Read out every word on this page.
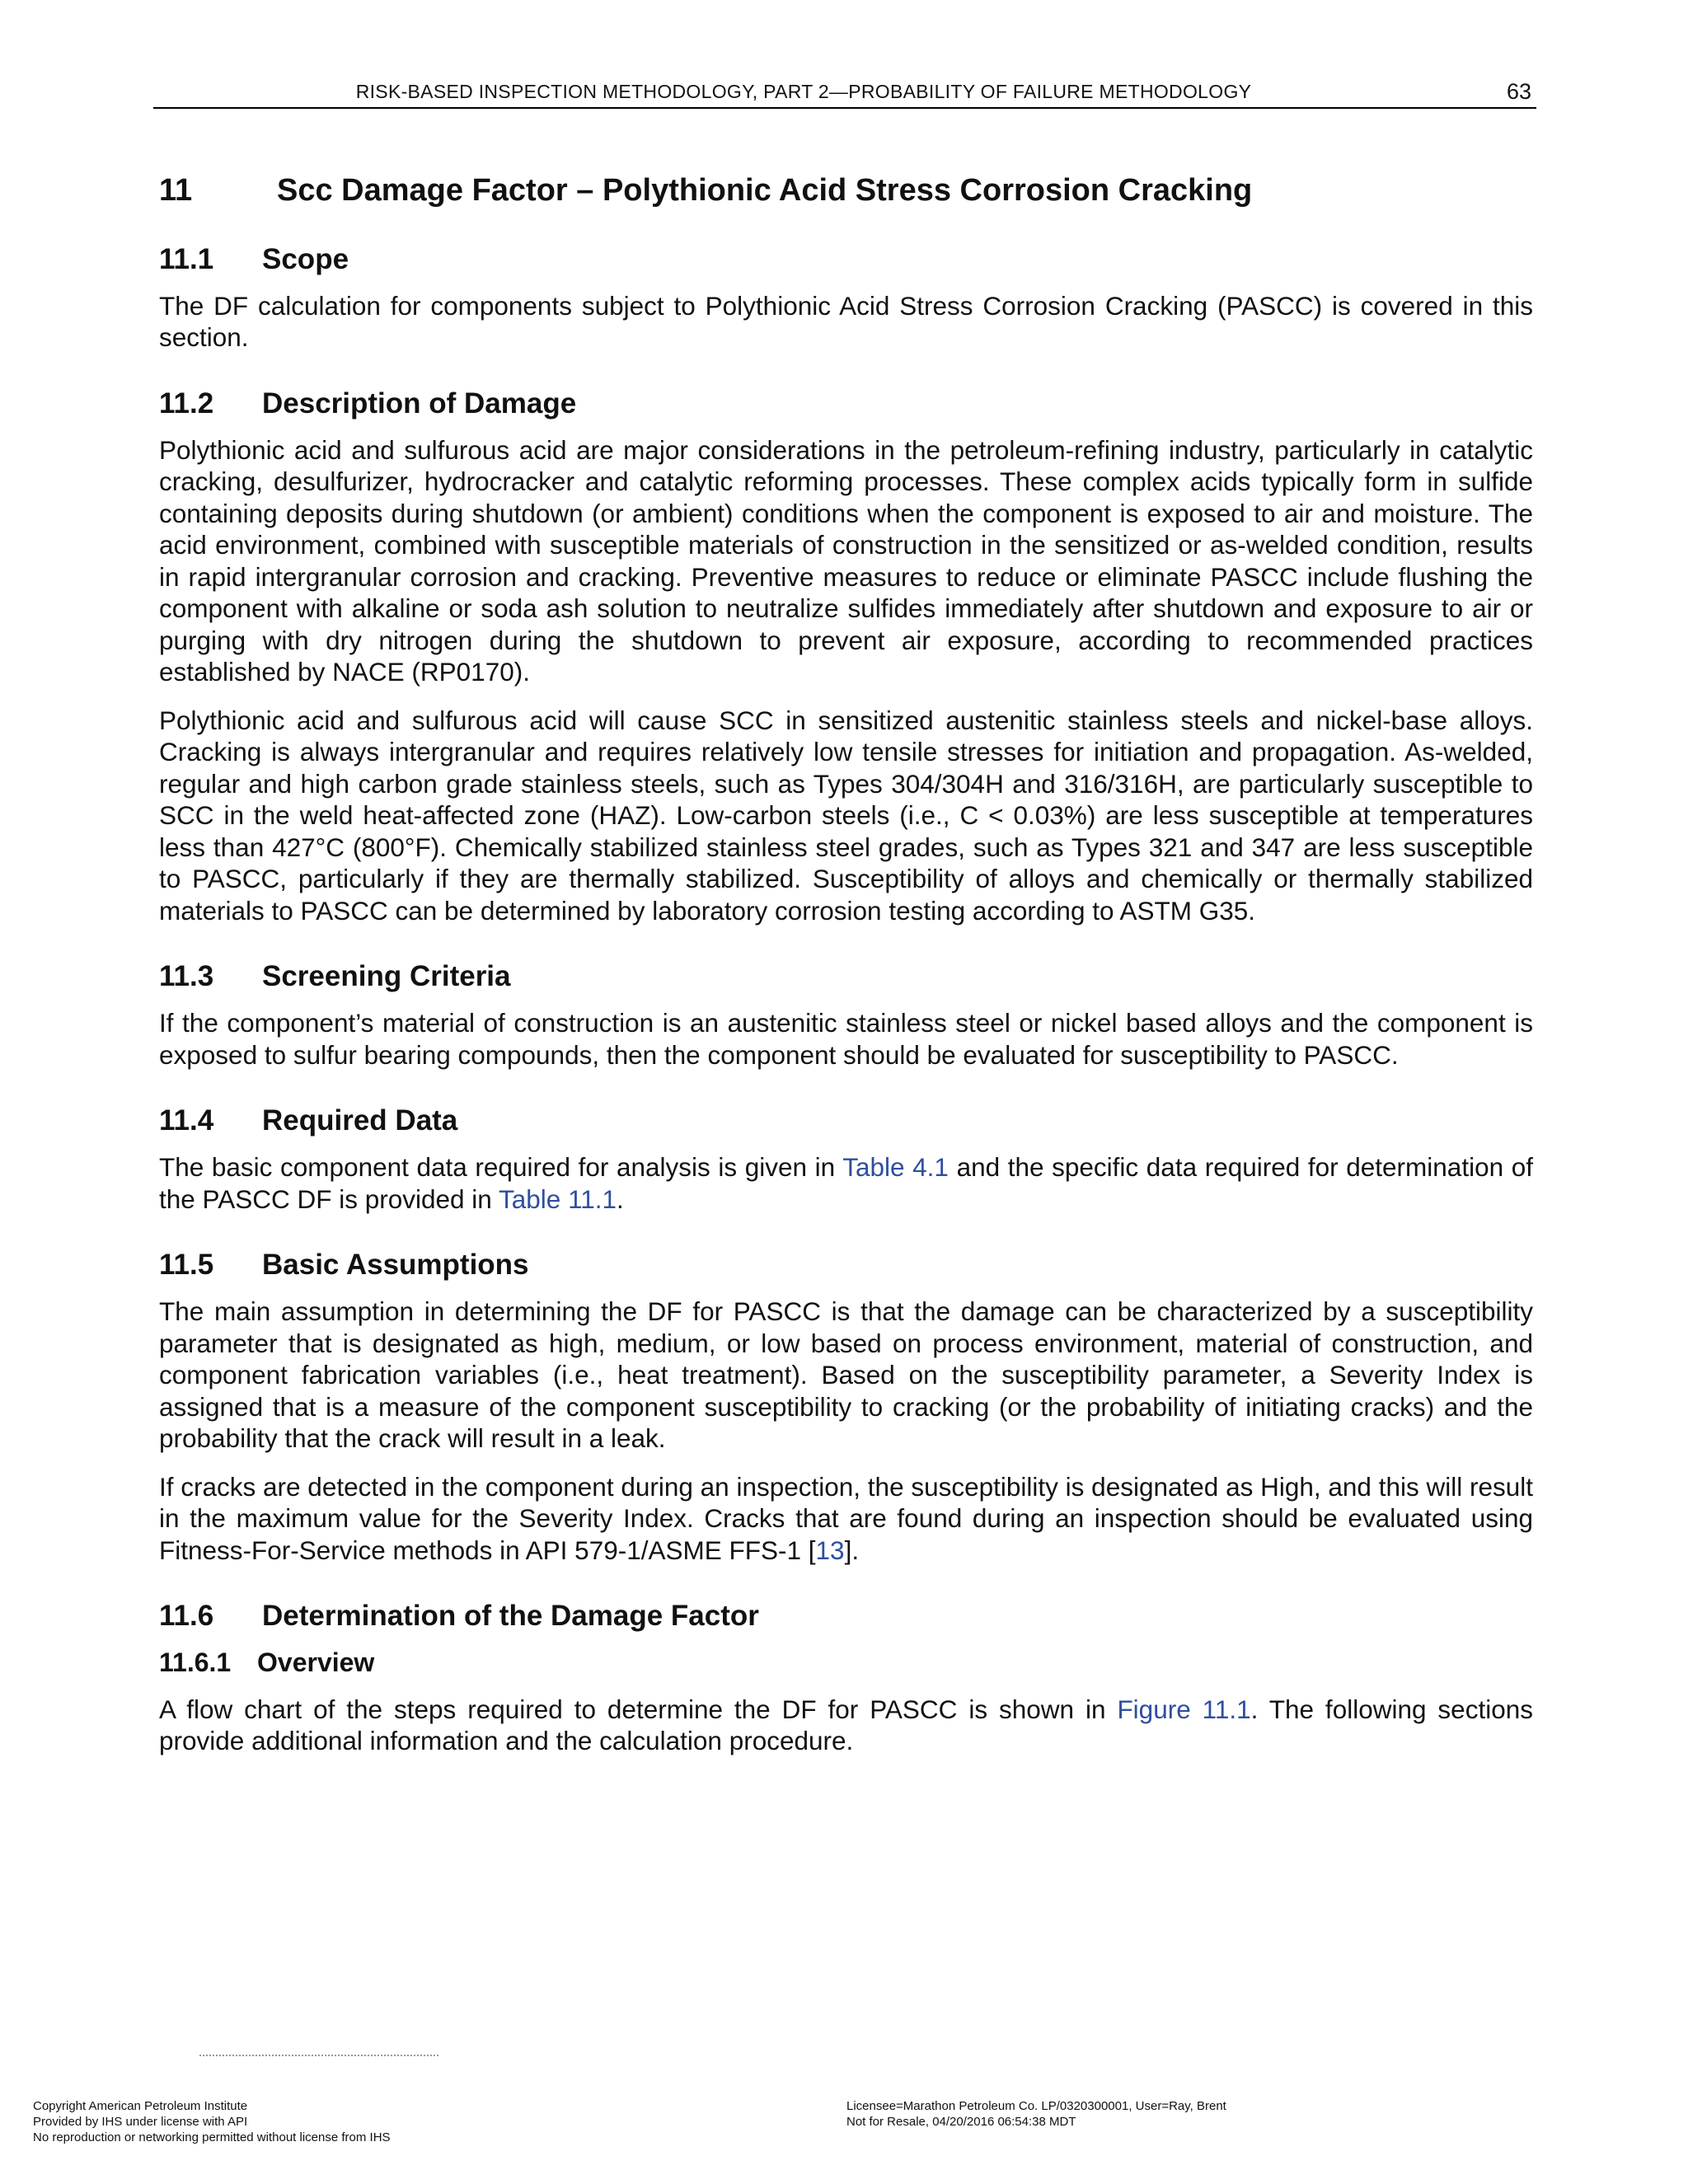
RISK-BASED INSPECTION METHODOLOGY, PART 2—PROBABILITY OF FAILURE METHODOLOGY	63
11	Scc Damage Factor – Polythionic Acid Stress Corrosion Cracking
11.1	Scope

The DF calculation for components subject to Polythionic Acid Stress Corrosion Cracking (PASCC) is covered in this section.

11.2	Description of Damage

Polythionic acid and sulfurous acid are major considerations in the petroleum-refining industry, particularly in catalytic cracking, desulfurizer, hydrocracker and catalytic reforming processes. These complex acids typically form in sulfide containing deposits during shutdown (or ambient) conditions when the component is exposed to air and moisture. The acid environment, combined with susceptible materials of construction in the sensitized or as-welded condition, results in rapid intergranular corrosion and cracking. Preventive measures to reduce or eliminate PASCC include flushing the component with alkaline or soda ash solution to neutralize sulfides immediately after shutdown and exposure to air or purging with dry nitrogen during the shutdown to prevent air exposure, according to recommended practices established by NACE (RP0170).

Polythionic acid and sulfurous acid will cause SCC in sensitized austenitic stainless steels and nickel-base alloys. Cracking is always intergranular and requires relatively low tensile stresses for initiation and propagation. As-welded, regular and high carbon grade stainless steels, such as Types 304/304H and 316/316H, are particularly susceptible to SCC in the weld heat-affected zone (HAZ). Low-carbon steels (i.e., C < 0.03%) are less susceptible at temperatures less than 427°C (800°F). Chemically stabilized stainless steel grades, such as Types 321 and 347 are less susceptible to PASCC, particularly if they are thermally stabilized. Susceptibility of alloys and chemically or thermally stabilized materials to PASCC can be determined by laboratory corrosion testing according to ASTM G35.

11.3	Screening Criteria

If the component’s material of construction is an austenitic stainless steel or nickel based alloys and the component is exposed to sulfur bearing compounds, then the component should be evaluated for susceptibility to PASCC.

11.4	Required Data

The basic component data required for analysis is given in Table 4.1 and the specific data required for determination of the PASCC DF is provided in Table 11.1.

11.5	Basic Assumptions

The main assumption in determining the DF for PASCC is that the damage can be characterized by a susceptibility parameter that is designated as high, medium, or low based on process environment, material of construction, and component fabrication variables (i.e., heat treatment). Based on the susceptibility parameter, a Severity Index is assigned that is a measure of the component susceptibility to cracking (or the probability of initiating cracks) and the probability that the crack will result in a leak.

If cracks are detected in the component during an inspection, the susceptibility is designated as High, and this will result in the maximum value for the Severity Index. Cracks that are found during an inspection should be evaluated using Fitness-For-Service methods in API 579-1/ASME FFS-1 [13].

11.6	Determination of the Damage Factor
11.6.1 Overview

A flow chart of the steps required to determine the DF for PASCC is shown in Figure 11.1. The following sections provide additional information and the calculation procedure.

Copyright American Petroleum Institute
Provided by IHS under license with API
No reproduction or networking permitted without license from IHS
Licensee=Marathon Petroleum Co. LP/0320300001, User=Ray, Brent
Not for Resale, 04/20/2016 06:54:38 MDT
